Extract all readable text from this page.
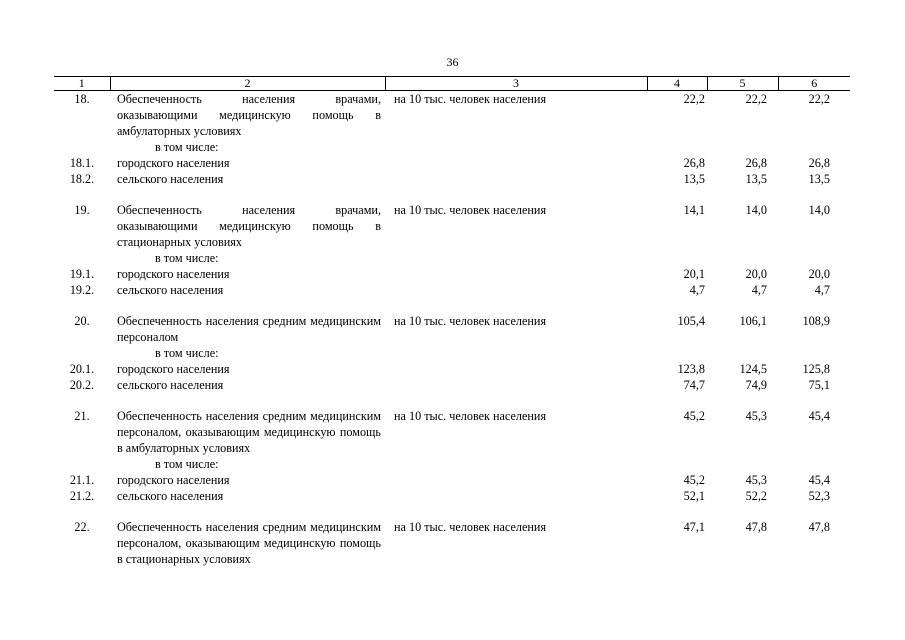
36
1	2	3	4	5	6
18.	Обеспеченность населения врачами, оказывающими медицинскую помощь в амбулаторных условиях	на 10 тыс. человек населения	22,2	22,2	22,2

	в том числе:				

18.1.	городского населения		26,8	26,8	26,8
18.2.	сельского населения		13,5	13,5	13,5

19.	Обеспеченность населения врачами, оказывающими медицинскую помощь в стационарных условиях	на 10 тыс. человек населения	14,1	14,0	14,0

	в том числе:				

19.1.	городского населения		20,1	20,0	20,0
19.2.	сельского населения		4,7	4,7	4,7

20.	Обеспеченность населения средним медицинским персоналом	на 10 тыс. человек населения	105,4	106,1	108,9

	в том числе:				

20.1.	городского населения		123,8	124,5	125,8
20.2.	сельского населения		74,7	74,9	75,1

21.	Обеспеченность населения средним медицинским персоналом, оказывающим медицинскую помощь в амбулаторных условиях	на 10 тыс. человек населения	45,2	45,3	45,4

	в том числе:				

21.1.	городского населения		45,2	45,3	45,4
21.2.	сельского населения		52,1	52,2	52,3

22.	Обеспеченность населения средним медицинским персоналом, оказывающим медицинскую помощь в стационарных условиях	на 10 тыс. человек населения	47,1	47,8	47,8
